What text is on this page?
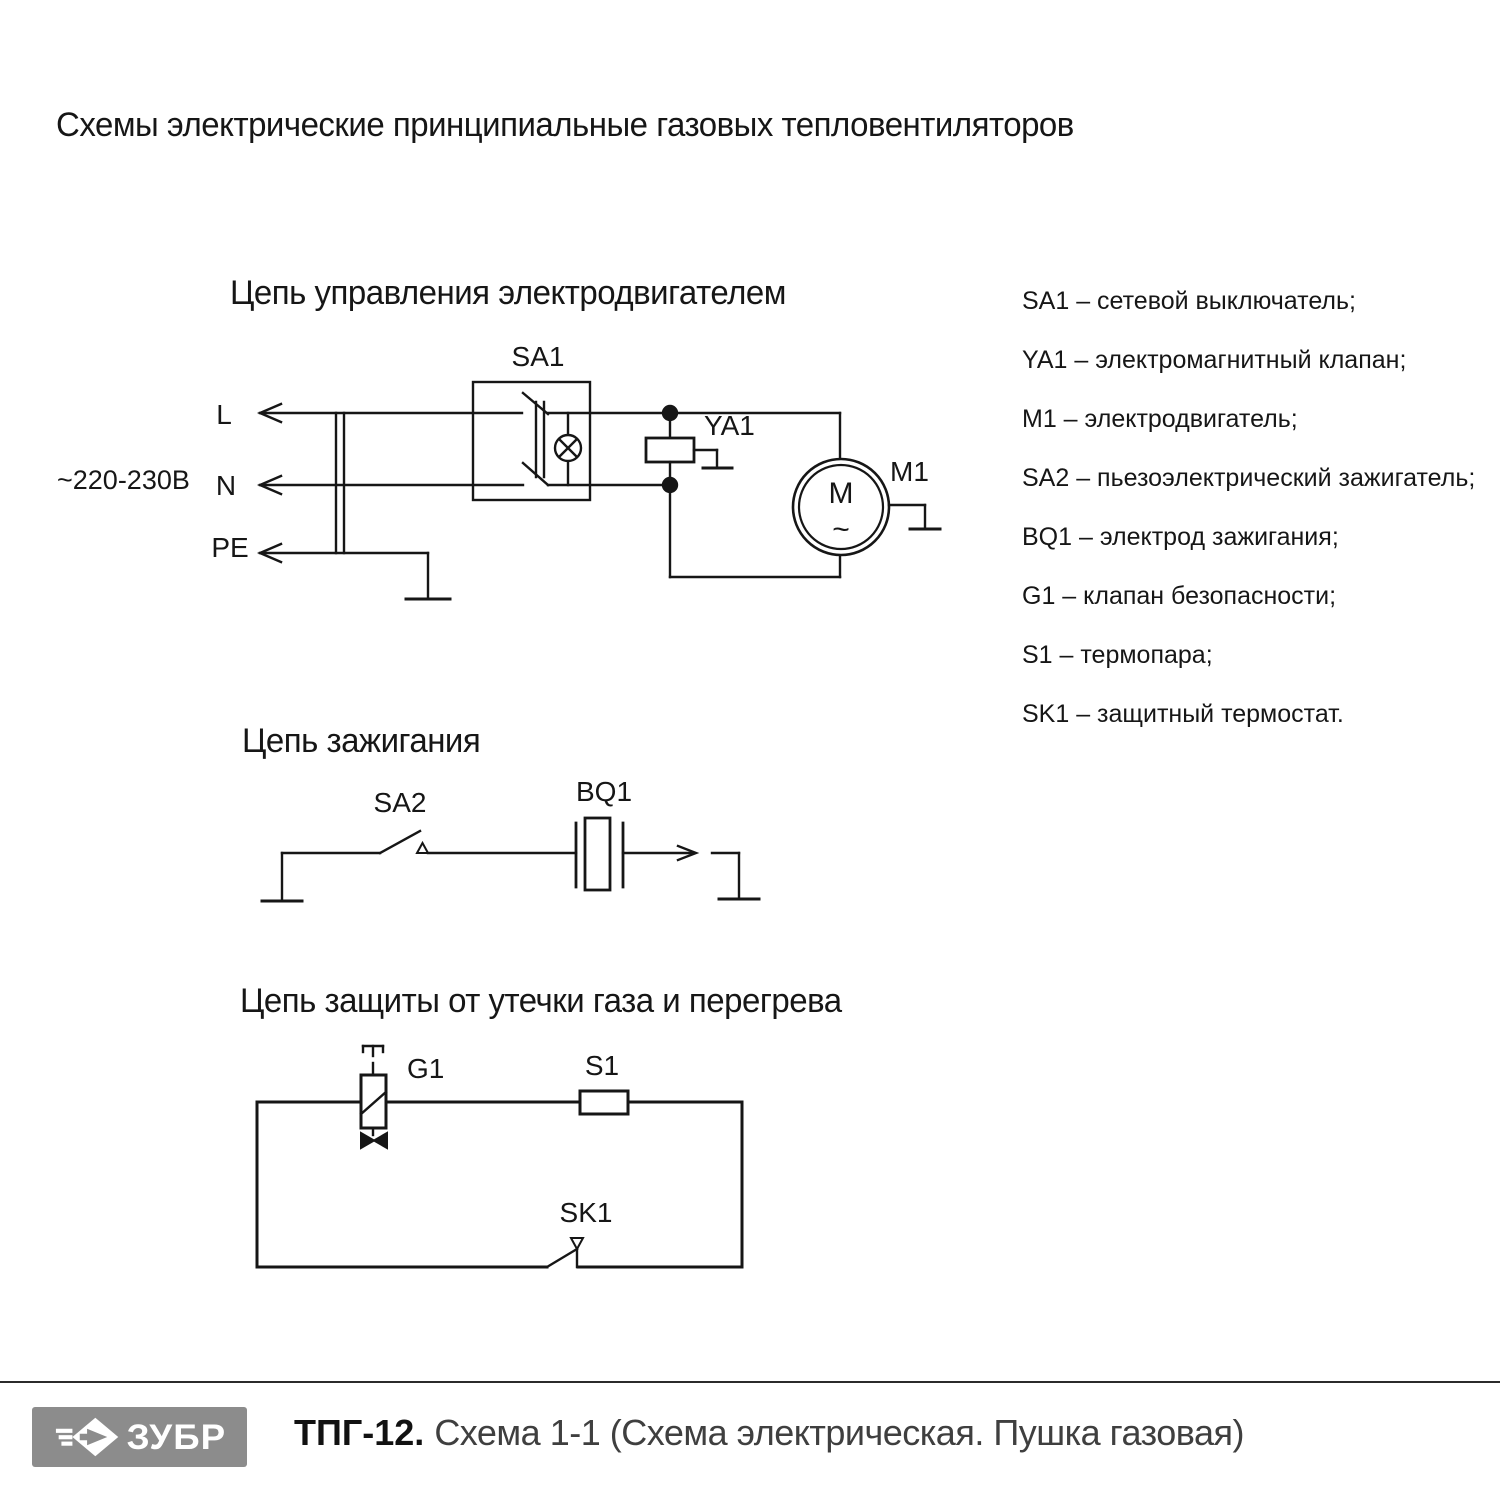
Схемы электрические принципиальные газовых тепловентиляторов
Цепь управления электродвигателем
Цепь зажигания
Цепь защиты от утечки газа и перегрева
SA1 – сетевой выключатель;
YA1 – электромагнитный клапан;
M1 – электродвигатель;
SA2 – пьезоэлектрический зажигатель;
BQ1 – электрод зажигания;
G1 – клапан безопасности;
S1 – термопара;
SK1 – защитный термостат.
~220-230В
L
N
PE
SA1
YA1
M1
M
~
SA2	BQ1
G1	S1
SK1
ЗУБР ТПГ-12. Схема 1-1 (Схема электрическая. Пушка газовая)
